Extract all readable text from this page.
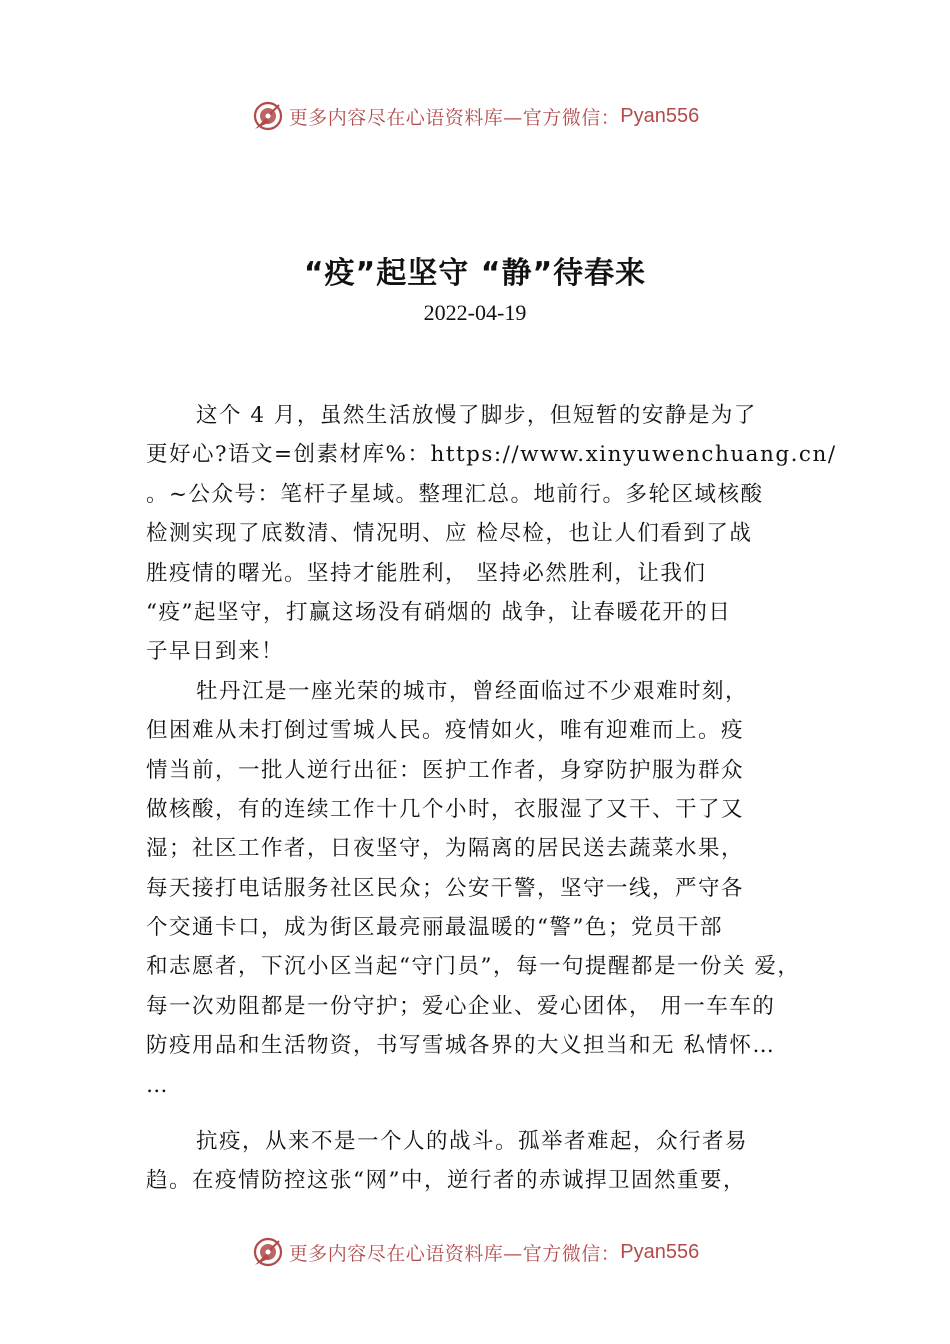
更多内容尽在心语资料库—官方微信： Pyan556
“疫”起坚守 “静”待春来
2022-04-19
这个 4 月，虽然生活放慢了脚步，但短暂的安静是为了
更好心?语文=创素材库%：https://www.xinyuwenchuang.cn/
。~公众号：笔杆子星域。整理汇总。地前行。多轮区域核酸
检测实现了底数清、情况明、应 检尽检，也让人们看到了战
胜疫情的曙光。坚持才能胜利， 坚持必然胜利，让我们
“疫”起坚守，打赢这场没有硝烟的 战争，让春暖花开的日
子早日到来！
牡丹江是一座光荣的城市，曾经面临过不少艰难时刻，
但困难从未打倒过雪城人民。疫情如火，唯有迎难而上。疫
情当前，一批人逆行出征：医护工作者，身穿防护服为群众
做核酸，有的连续工作十几个小时，衣服湿了又干、干了又
湿；社区工作者，日夜坚守，为隔离的居民送去蔬菜水果，
每天接打电话服务社区民众；公安干警，坚守一线，严守各
个交通卡口，成为街区最亮丽最温暖的“警”色；党员干部
和志愿者，下沉小区当起“守门员”，每一句提醒都是一份关 爱，
每一次劝阻都是一份守护；爱心企业、爱心团体， 用一车车的
防疫用品和生活物资，书写雪城各界的大义担当和无 私情怀…
…
抗疫，从来不是一个人的战斗。孤举者难起，众行者易
趋。在疫情防控这张“网”中，逆行者的赤诚捍卫固然重要，
更多内容尽在心语资料库—官方微信： Pyan556
